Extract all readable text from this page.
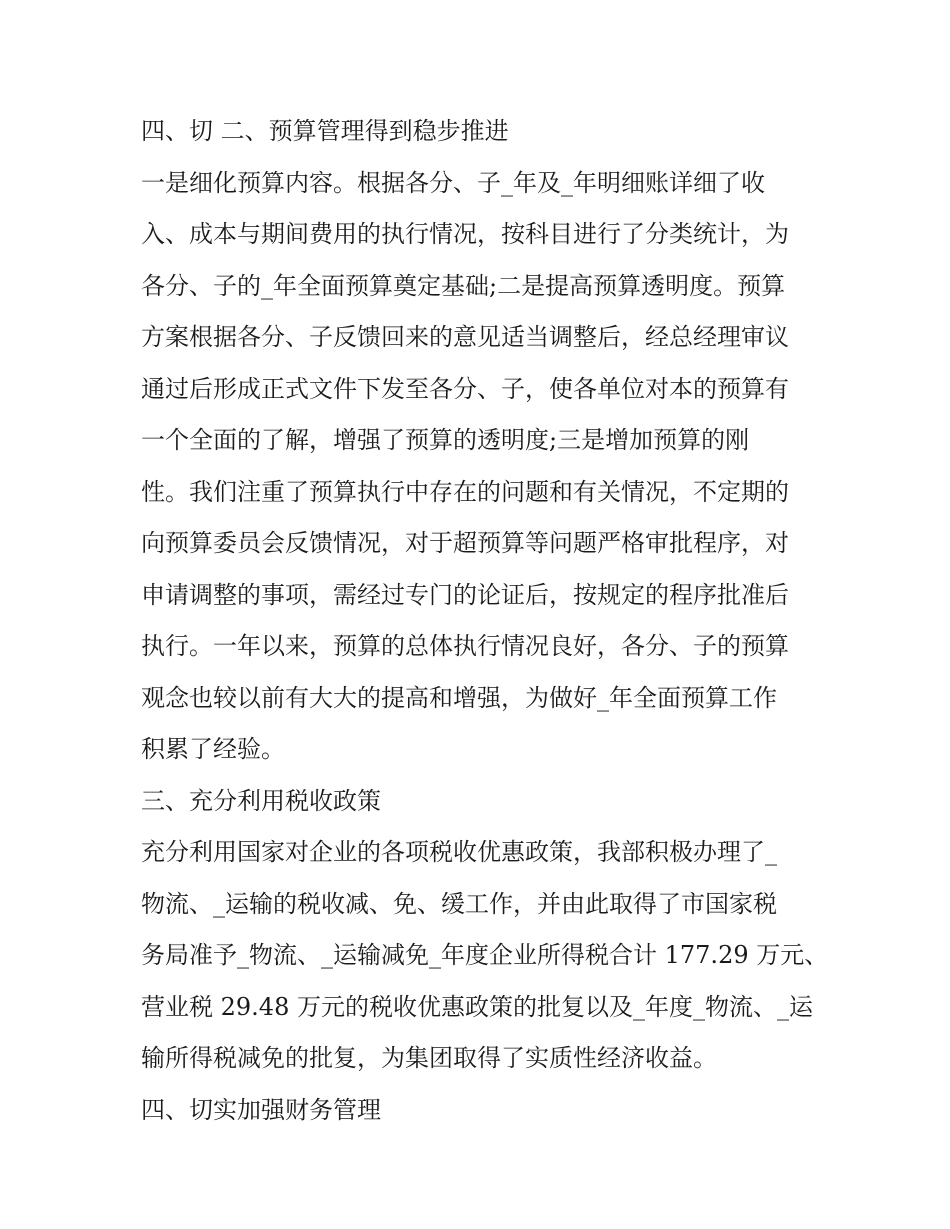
四、切 二、预算管理得到稳步推进
一是细化预算内容。根据各分、子_年及_年明细账详细了收
入、成本与期间费用的执行情况，按科目进行了分类统计，为
各分、子的_年全面预算奠定基础;二是提高预算透明度。预算
方案根据各分、子反馈回来的意见适当调整后，经总经理审议
通过后形成正式文件下发至各分、子，使各单位对本的预算有
一个全面的了解，增强了预算的透明度;三是增加预算的刚
性。我们注重了预算执行中存在的问题和有关情况，不定期的
向预算委员会反馈情况，对于超预算等问题严格审批程序，对
申请调整的事项，需经过专门的论证后，按规定的程序批准后
执行。一年以来，预算的总体执行情况良好，各分、子的预算
观念也较以前有大大的提高和增强，为做好_年全面预算工作
积累了经验。
三、充分利用税收政策
充分利用国家对企业的各项税收优惠政策，我部积极办理了_
物流、_运输的税收减、免、缓工作，并由此取得了市国家税
务局准予_物流、_运输减免_年度企业所得税合计 177.29 万元、
营业税 29.48 万元的税收优惠政策的批复以及_年度_物流、_运
输所得税减免的批复，为集团取得了实质性经济收益。
四、切实加强财务管理
